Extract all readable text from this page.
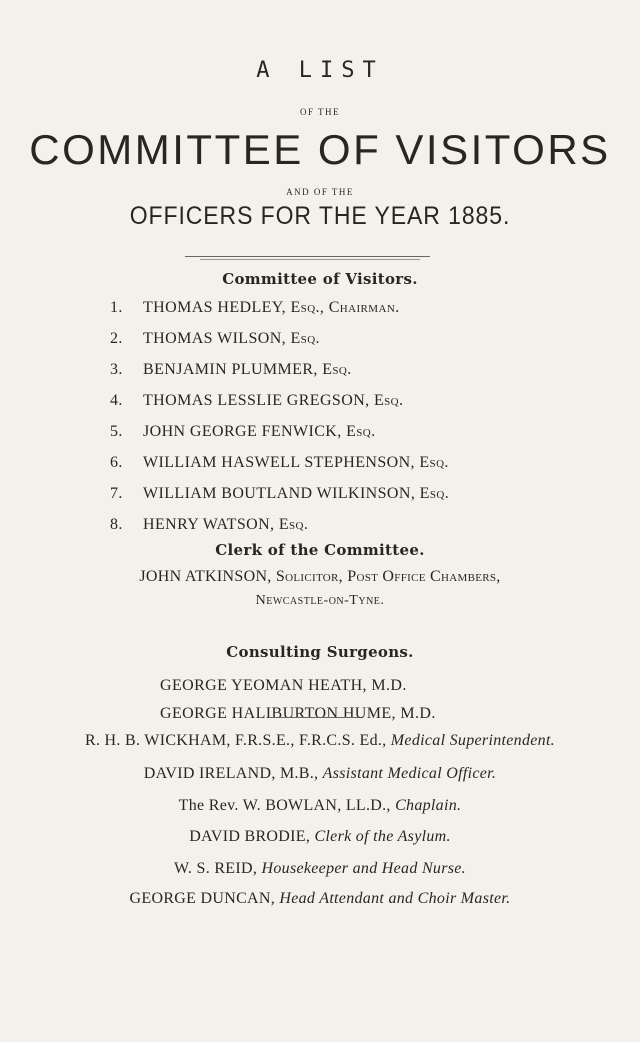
A LIST
OF THE
COMMITTEE OF VISITORS
AND OF THE
OFFICERS FOR THE YEAR 1885.
Committee of Visitors.
1.	THOMAS HEDLEY, Esq., Chairman.
2.	THOMAS WILSON, Esq.
3.	BENJAMIN PLUMMER, Esq.
4.	THOMAS LESSLIE GREGSON, Esq.
5.	JOHN GEORGE FENWICK, Esq.
6.	WILLIAM HASWELL STEPHENSON, Esq.
7.	WILLIAM BOUTLAND WILKINSON, Esq.
8.	HENRY WATSON, Esq.
Clerk of the Committee.
JOHN ATKINSON, Solicitor, Post Office Chambers,
Newcastle-on-Tyne.
Consulting Surgeons.
GEORGE YEOMAN HEATH, M.D.
GEORGE HALIBURTON HUME, M.D.
R. H. B. WICKHAM, F.R.S.E., F.R.C.S. Ed., Medical Superintendent.
DAVID IRELAND, M.B., Assistant Medical Officer.
The Rev. W. BOWLAN, LL.D., Chaplain.
DAVID BRODIE, Clerk of the Asylum.
W. S. REID, Housekeeper and Head Nurse.
GEORGE DUNCAN, Head Attendant and Choir Master.
